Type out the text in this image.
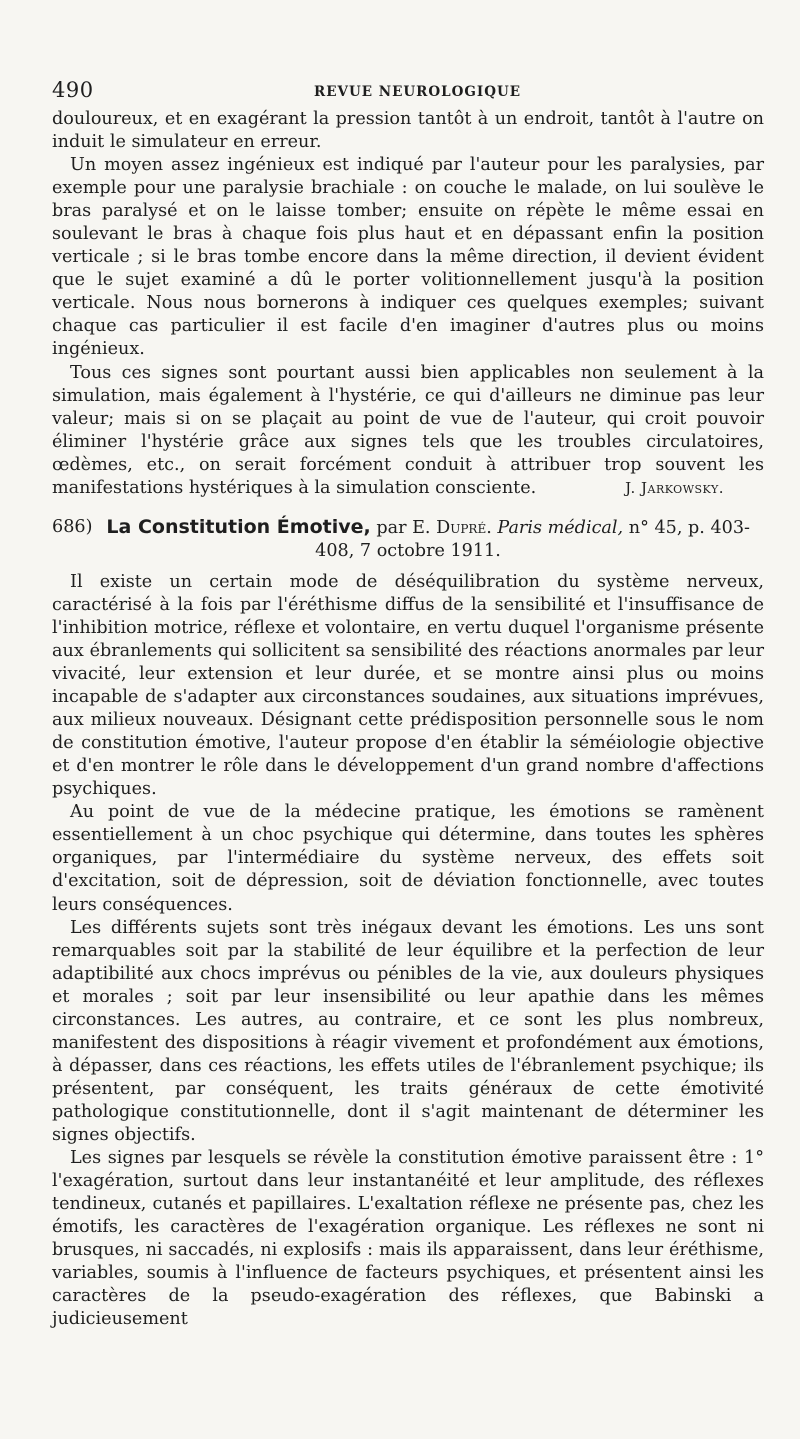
490	REVUE NEUROLOGIQUE

douloureux, et en exagérant la pression tantôt à un endroit, tantôt à l'autre on induit le simulateur en erreur.

Un moyen assez ingénieux est indiqué par l'auteur pour les paralysies, par exemple pour une paralysie brachiale : on couche le malade, on lui soulève le bras paralysé et on le laisse tomber; ensuite on répète le même essai en soulevant le bras à chaque fois plus haut et en dépassant enfin la position verticale ; si le bras tombe encore dans la même direction, il devient évident que le sujet examiné a dû le porter volitionnellement jusqu'à la position verticale. Nous nous bornerons à indiquer ces quelques exemples; suivant chaque cas particulier il est facile d'en imaginer d'autres plus ou moins ingénieux.

Tous ces signes sont pourtant aussi bien applicables non seulement à la simulation, mais également à l'hystérie, ce qui d'ailleurs ne diminue pas leur valeur; mais si on se plaçait au point de vue de l'auteur, qui croit pouvoir éliminer l'hystérie grâce aux signes tels que les troubles circulatoires, œdèmes, etc., on serait forcément conduit à attribuer trop souvent les manifestations hystériques à la simulation consciente.	J. Jarkowsky.

686) La Constitution Émotive, par E. Dupré. Paris médical, n° 45, p. 403-408, 7 octobre 1911.

Il existe un certain mode de déséquilibration du système nerveux, caractérisé à la fois par l'éréthisme diffus de la sensibilité et l'insuffisance de l'inhibition motrice, réflexe et volontaire, en vertu duquel l'organisme présente aux ébranlements qui sollicitent sa sensibilité des réactions anormales par leur vivacité, leur extension et leur durée, et se montre ainsi plus ou moins incapable de s'adapter aux circonstances soudaines, aux situations imprévues, aux milieux nouveaux. Désignant cette prédisposition personnelle sous le nom de constitution émotive, l'auteur propose d'en établir la séméiologie objective et d'en montrer le rôle dans le développement d'un grand nombre d'affections psychiques.

Au point de vue de la médecine pratique, les émotions se ramènent essentiellement à un choc psychique qui détermine, dans toutes les sphères organiques, par l'intermédiaire du système nerveux, des effets soit d'excitation, soit de dépression, soit de déviation fonctionnelle, avec toutes leurs conséquences.

Les différents sujets sont très inégaux devant les émotions. Les uns sont remarquables soit par la stabilité de leur équilibre et la perfection de leur adaptibilité aux chocs imprévus ou pénibles de la vie, aux douleurs physiques et morales ; soit par leur insensibilité ou leur apathie dans les mêmes circonstances. Les autres, au contraire, et ce sont les plus nombreux, manifestent des dispositions à réagir vivement et profondément aux émotions, à dépasser, dans ces réactions, les effets utiles de l'ébranlement psychique; ils présentent, par conséquent, les traits généraux de cette émotivité pathologique constitutionnelle, dont il s'agit maintenant de déterminer les signes objectifs.

Les signes par lesquels se révèle la constitution émotive paraissent être : 1° l'exagération, surtout dans leur instantanéité et leur amplitude, des réflexes tendineux, cutanés et papillaires. L'exaltation réflexe ne présente pas, chez les émotifs, les caractères de l'exagération organique. Les réflexes ne sont ni brusques, ni saccadés, ni explosifs : mais ils apparaissent, dans leur éréthisme, variables, soumis à l'influence de facteurs psychiques, et présentent ainsi les caractères de la pseudo-exagération des réflexes, que Babinski a judicieusement
